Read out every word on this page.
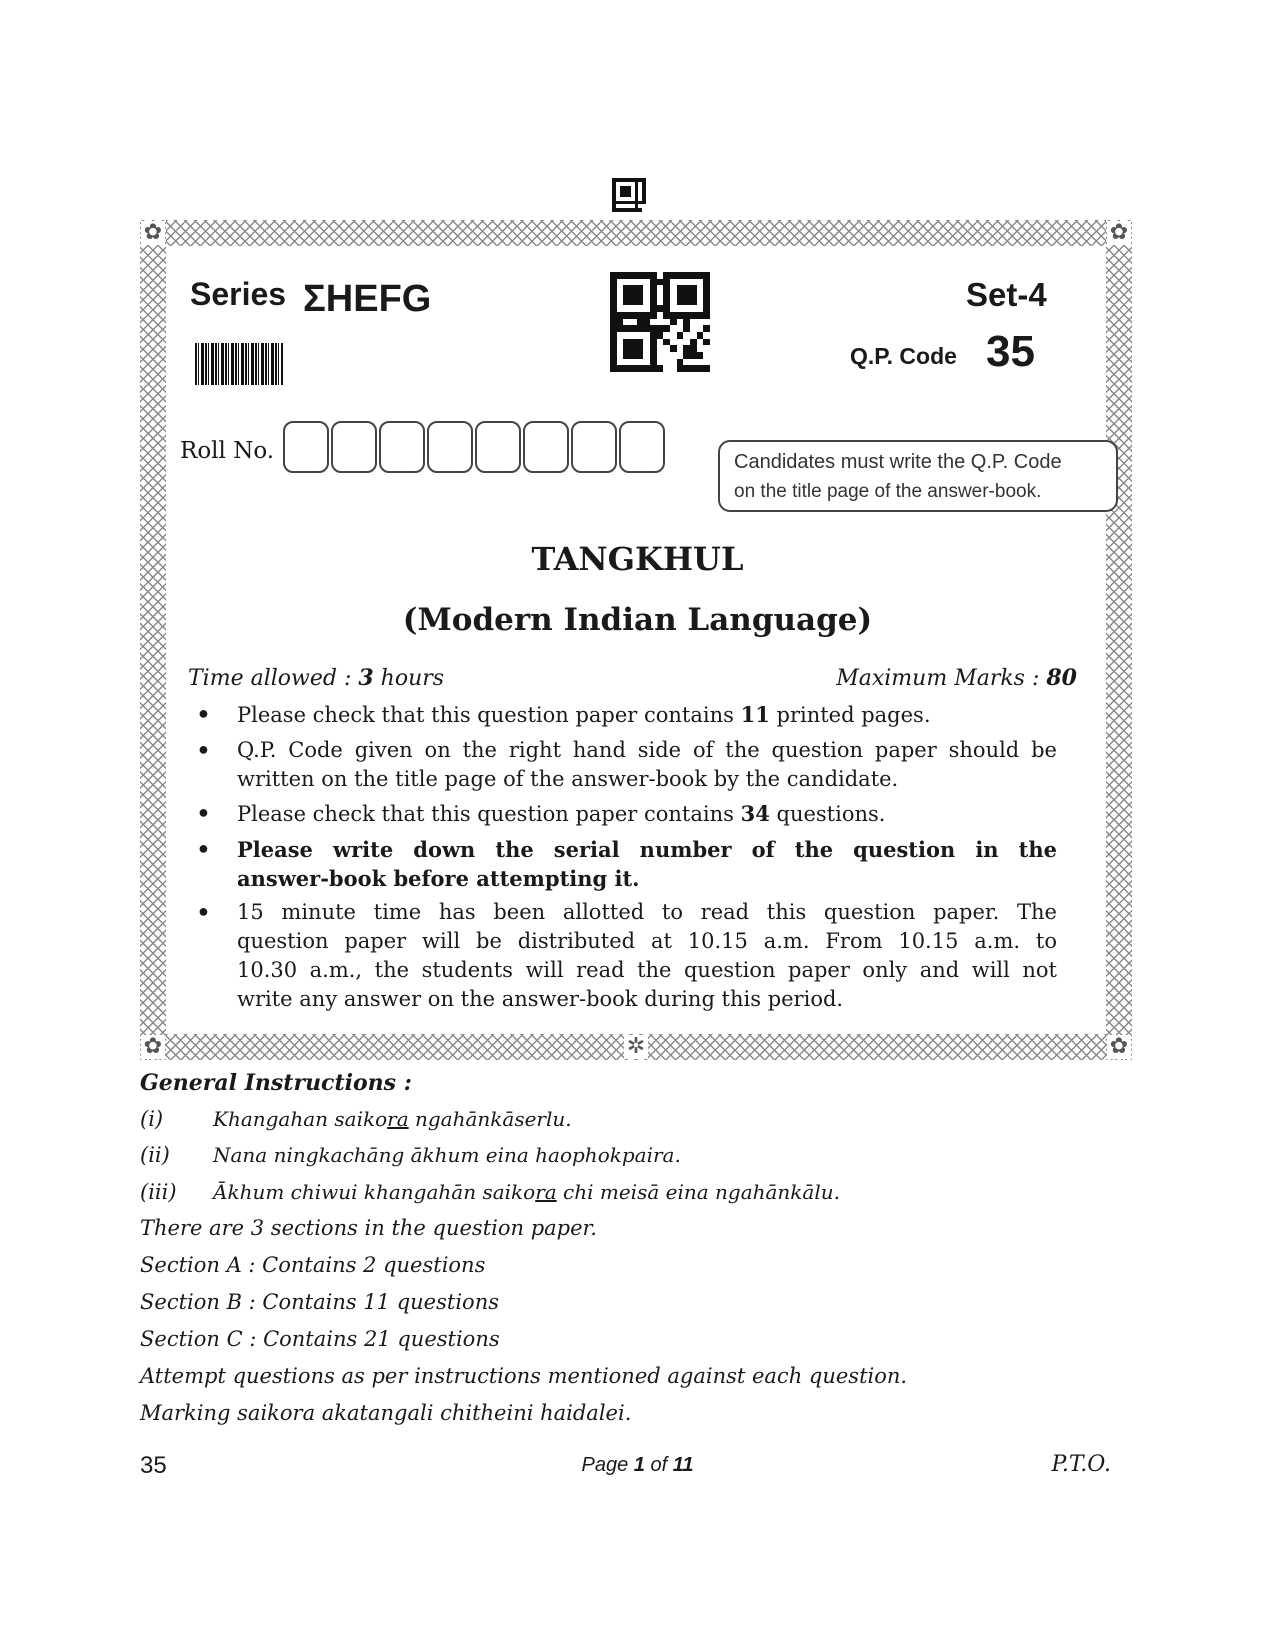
✿	✿
✿	✿
✲
Series ΣHEFG	Set-4
Q.P. Code 35
Roll No.	Candidates must write the Q.P. Code
on the title page of the answer-book.
TANGKHUL
(Modern Indian Language)
Time allowed : 3 hours	Maximum Marks : 80
● Please check that this question paper contains 11 printed pages.
● Q.P. Code given on the right hand side of the question paper should be
written on the title page of the answer-book by the candidate.
● Please check that this question paper contains 34 questions.
● Please write down the serial number of the question in the
answer-book before attempting it.
● 15 minute time has been allotted to read this question paper. The
question paper will be distributed at 10.15 a.m. From 10.15 a.m. to
10.30 a.m., the students will read the question paper only and will not
write any answer on the answer-book during this period.
General Instructions :
(i) Khangahan saikora ngahānkāserlu.
(ii) Nana ningkachāng ākhum eina haophokpaira.
(iii) Ākhum chiwui khangahān saikora chi meisā eina ngahānkālu.
There are 3 sections in the question paper.
Section A : Contains 2 questions
Section B : Contains 11 questions
Section C : Contains 21 questions
Attempt questions as per instructions mentioned against each question.
Marking saikora akatangali chitheini haidalei.
35	Page 1 of 11	P.T.O.
